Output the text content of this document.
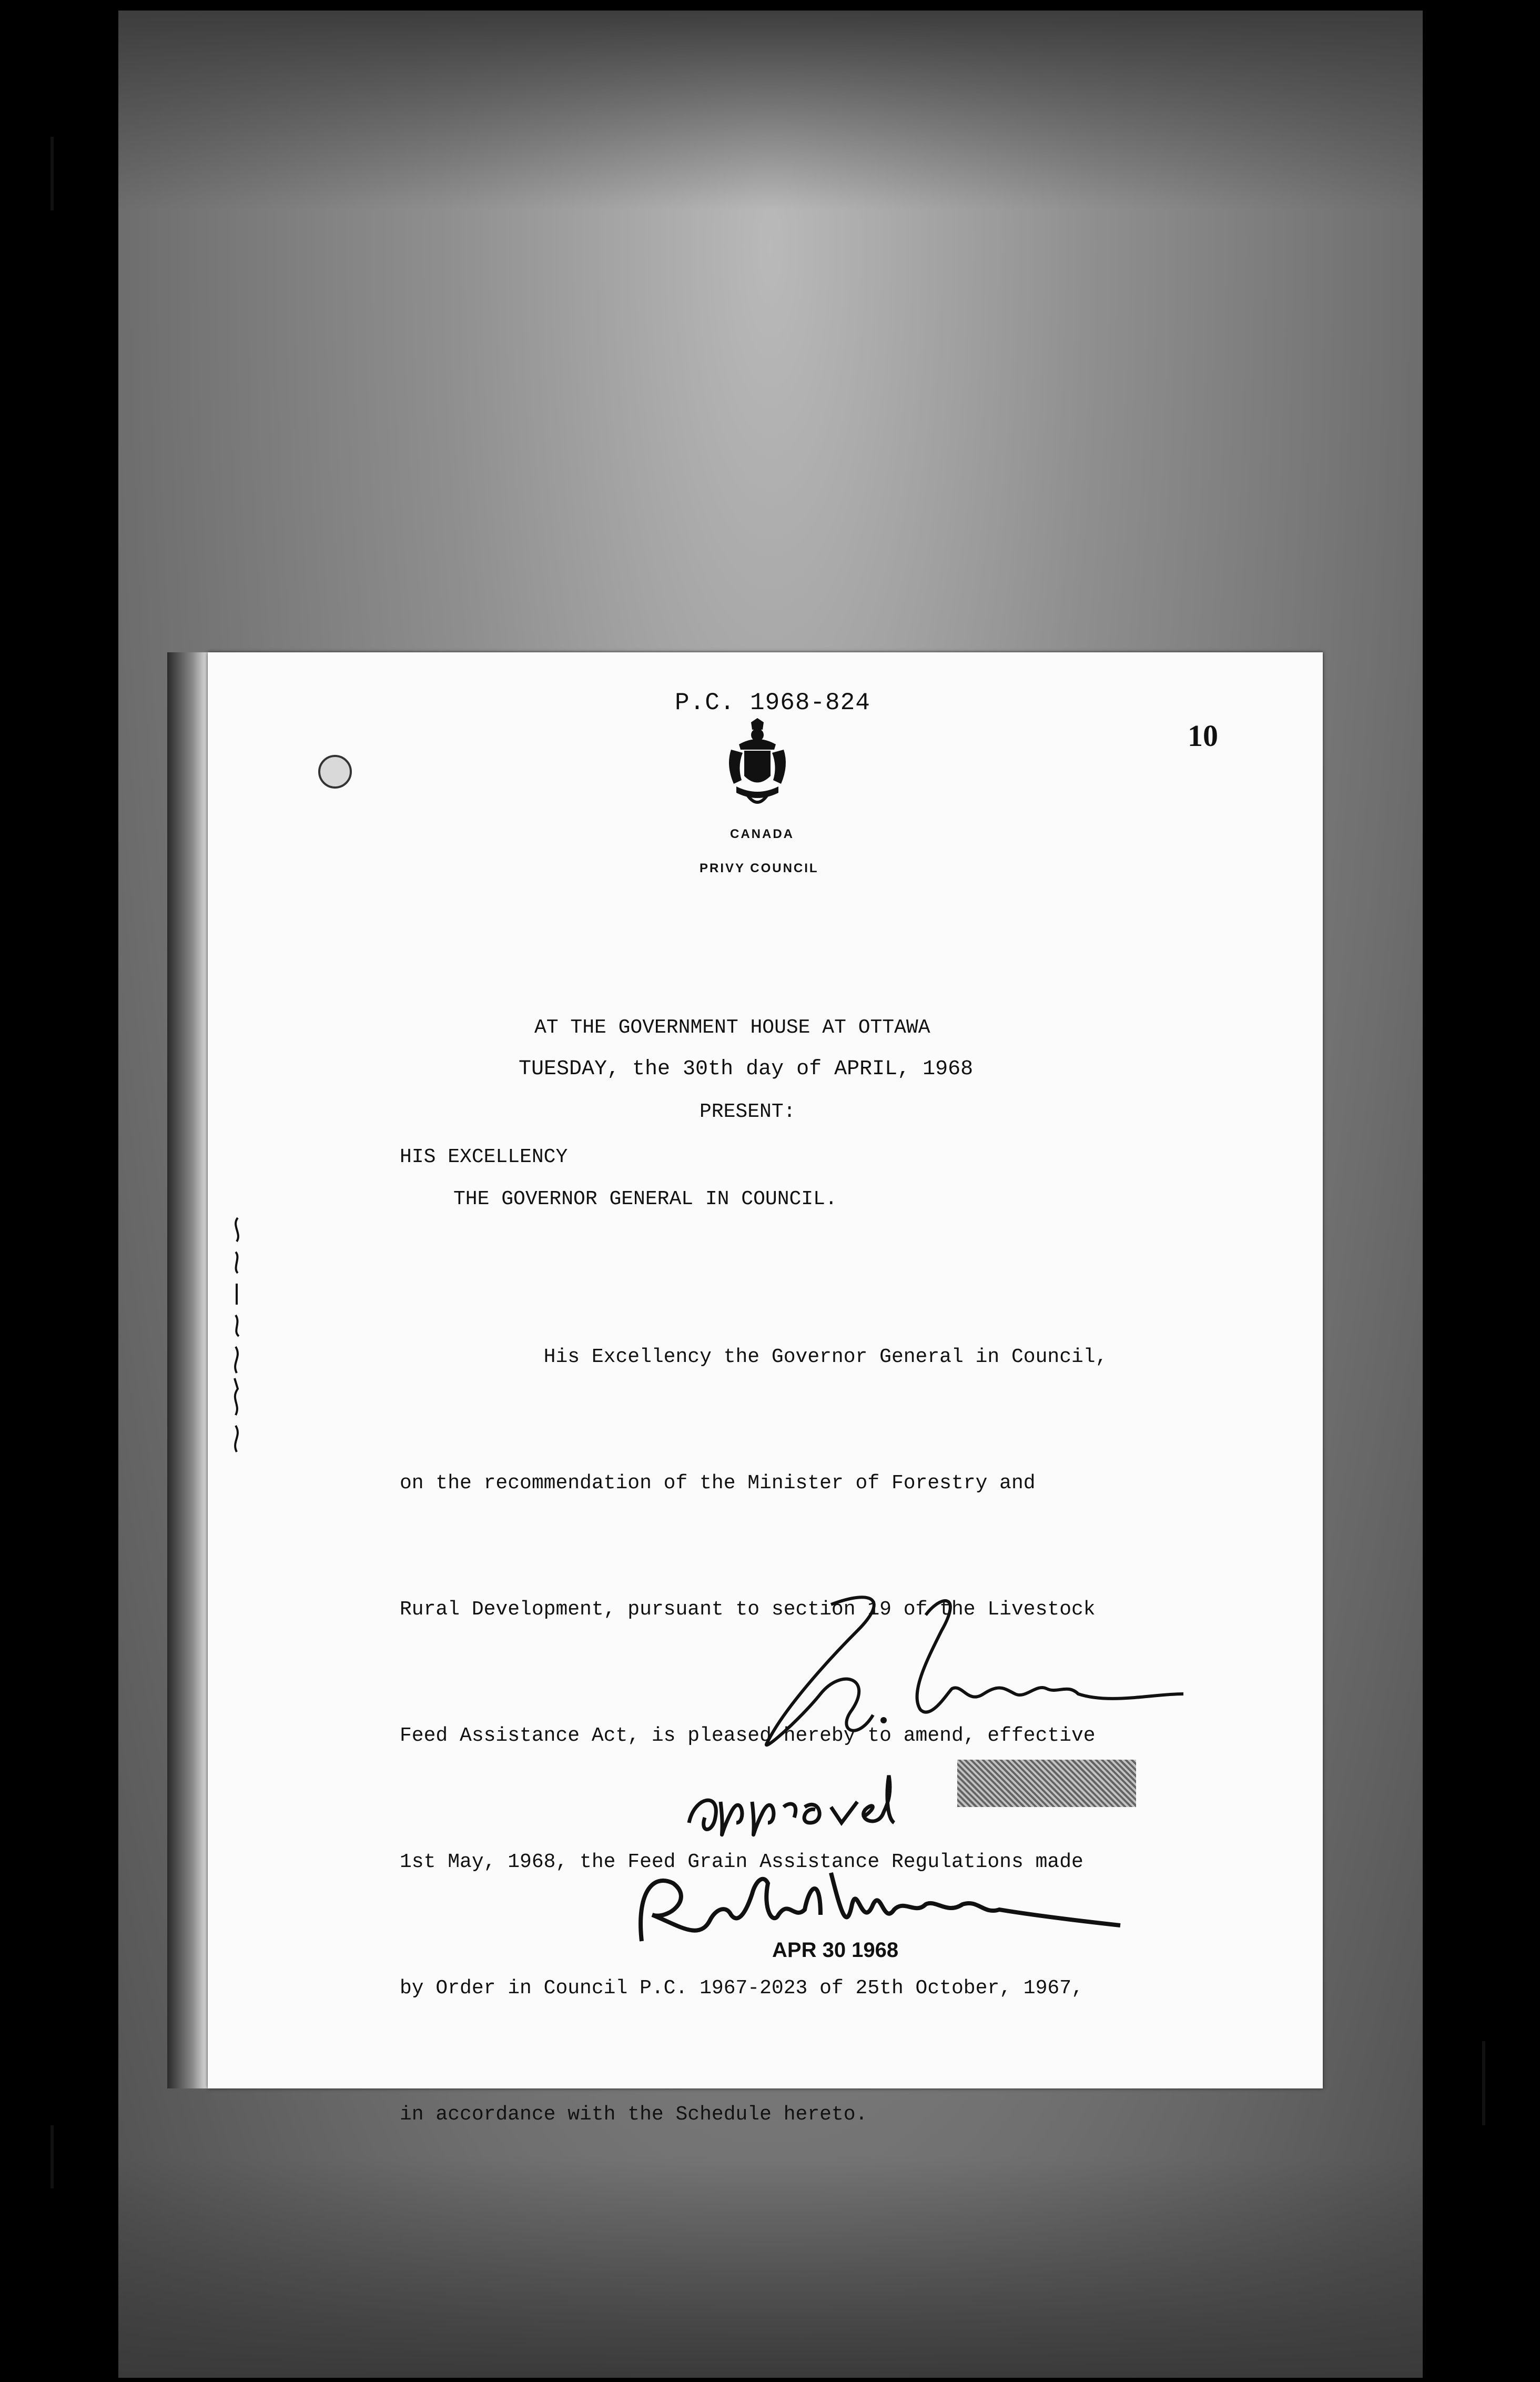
P.C. 1968-824
10
CANADA
PRIVY COUNCIL
AT THE GOVERNMENT HOUSE AT OTTAWA
TUESDAY, the 30th day of APRIL, 1968
PRESENT:
HIS EXCELLENCY
THE GOVERNOR GENERAL IN COUNCIL.

His Excellency the Governor General in Council,

on the recommendation of the Minister of Forestry and

Rural Development, pursuant to section 19 of the Livestock

Feed Assistance Act, is pleased hereby to amend, effective

1st May, 1968, the Feed Grain Assistance Regulations made

by Order in Council P.C. 1967-2023 of 25th October, 1967,

in accordance with the Schedule hereto.

APR 30 1968
